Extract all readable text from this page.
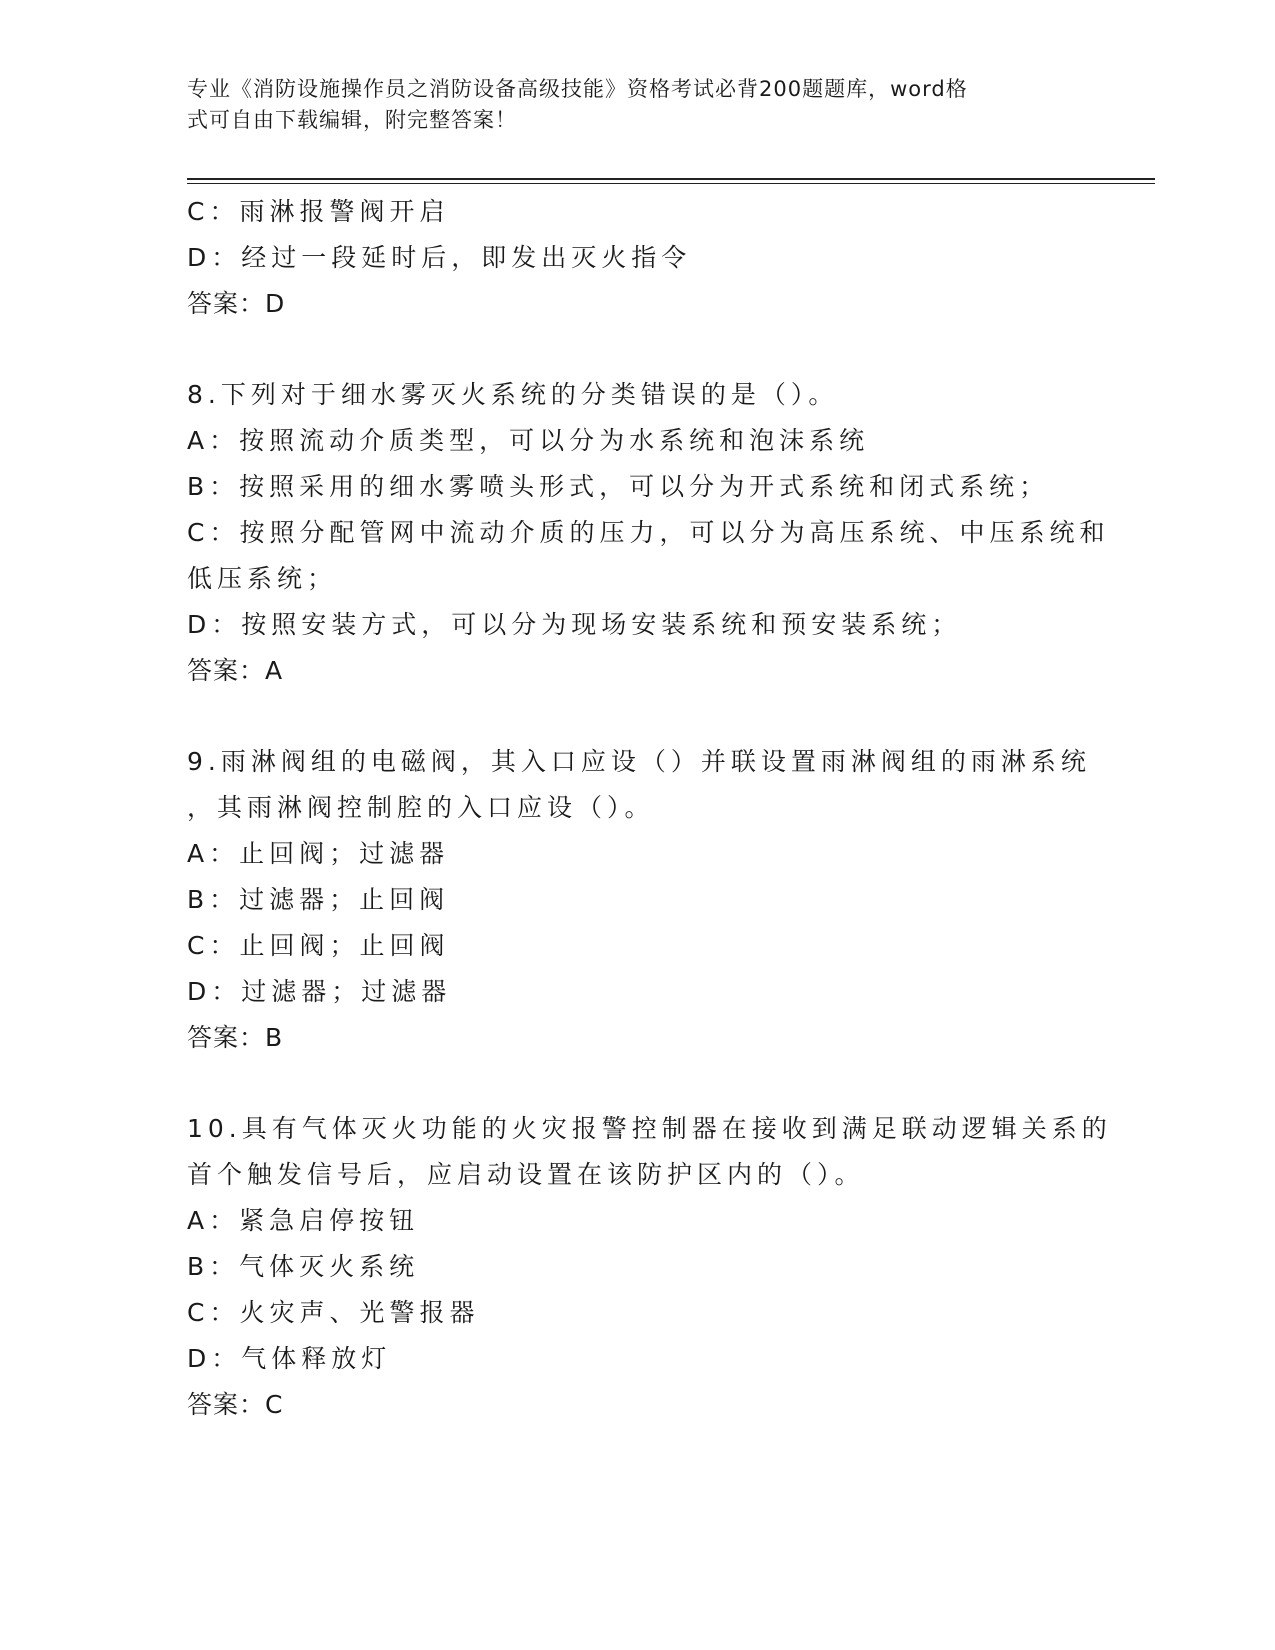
专业《消防设施操作员之消防设备高级技能》资格考试必背200题题库，word格
式可自由下载编辑，附完整答案！
C：雨淋报警阀开启
D：经过一段延时后，即发出灭火指令
答案：D
8.下列对于细水雾灭火系统的分类错误的是（）。
A：按照流动介质类型，可以分为水系统和泡沫系统
B：按照采用的细水雾喷头形式，可以分为开式系统和闭式系统；
C：按照分配管网中流动介质的压力，可以分为高压系统、中压系统和
低压系统；
D：按照安装方式，可以分为现场安装系统和预安装系统；
答案：A
9.雨淋阀组的电磁阀，其入口应设（）并联设置雨淋阀组的雨淋系统
，其雨淋阀控制腔的入口应设（）。
A：止回阀；过滤器
B：过滤器；止回阀
C：止回阀；止回阀
D：过滤器；过滤器
答案：B
10.具有气体灭火功能的火灾报警控制器在接收到满足联动逻辑关系的
首个触发信号后，应启动设置在该防护区内的（）。
A：紧急启停按钮
B：气体灭火系统
C：火灾声、光警报器
D：气体释放灯
答案：C
